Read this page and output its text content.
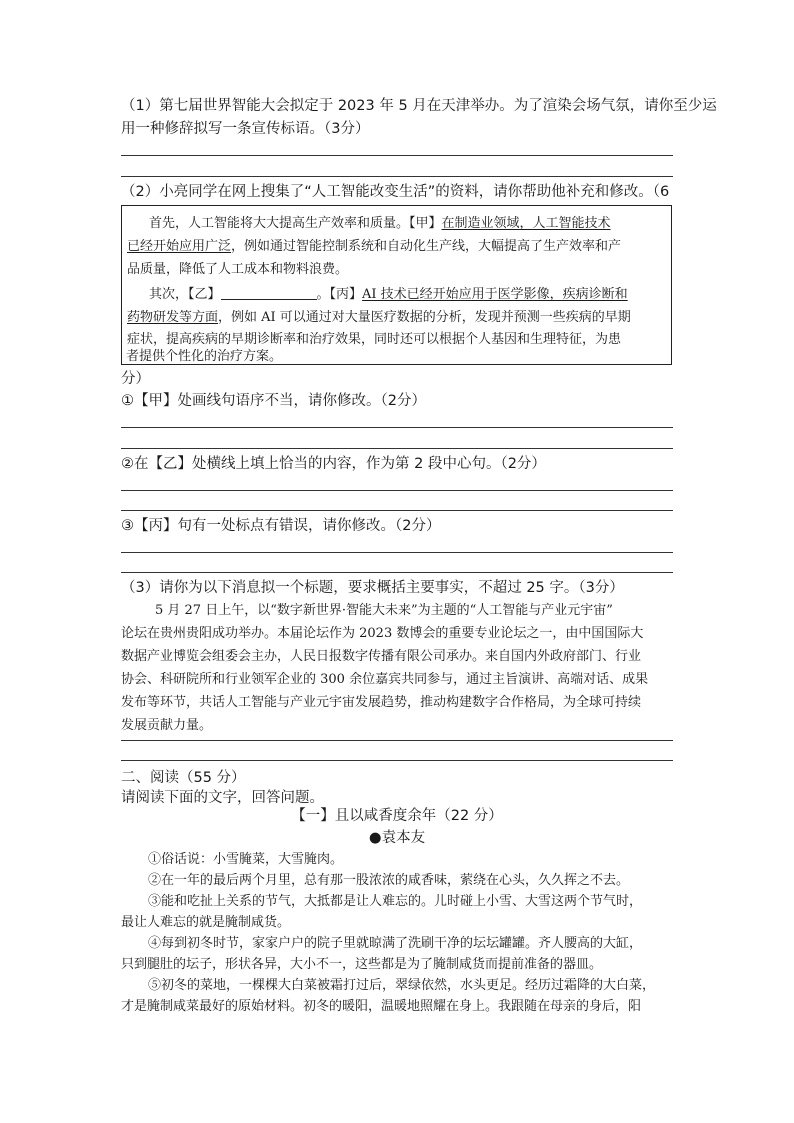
（1）第七届世界智能大会拟定于 2023 年 5 月在天津举办。为了渲染会场气氛，请你至少运
用一种修辞拟写一条宣传标语。（3分）
（2）小亮同学在网上搜集了“人工智能改变生活”的资料，请你帮助他补充和修改。（6
首先，人工智能将大大提高生产效率和质量。【甲】在制造业领域，人工智能技术
已经开始应用广泛，例如通过智能控制系统和自动化生产线，大幅提高了生产效率和产
品质量，降低了人工成本和物料浪费。
其次，【乙】	。【丙】AI 技术已经开始应用于医学影像，疾病诊断和
药物研发等方面，例如 AI 可以通过对大量医疗数据的分析，发现并预测一些疾病的早期
症状，提高疾病的早期诊断率和治疗效果，同时还可以根据个人基因和生理特征，为患
者提供个性化的治疗方案。
分）
①【甲】处画线句语序不当，请你修改。（2分）
②在【乙】处横线上填上恰当的内容，作为第 2 段中心句。（2分）
③【丙】句有一处标点有错误，请你修改。（2分）
（3）请你为以下消息拟一个标题，要求概括主要事实，不超过 25 字。（3分）
5 月 27 日上午，以“数字新世界·智能大未来”为主题的“人工智能与产业元宇宙”
论坛在贵州贵阳成功举办。本届论坛作为 2023 数博会的重要专业论坛之一，由中国国际大
数据产业博览会组委会主办，人民日报数字传播有限公司承办。来自国内外政府部门、行业
协会、科研院所和行业领军企业的 300 余位嘉宾共同参与，通过主旨演讲、高端对话、成果
发布等环节，共话人工智能与产业元宇宙发展趋势，推动构建数字合作格局，为全球可持续
发展贡献力量。
二、阅读（55 分）
请阅读下面的文字，回答问题。
【一】且以咸香度余年（22 分）
●袁本友
①俗话说：小雪腌菜，大雪腌肉。
②在一年的最后两个月里，总有那一股浓浓的咸香味，萦绕在心头，久久挥之不去。
③能和吃扯上关系的节气，大抵都是让人难忘的。儿时碰上小雪、大雪这两个节气时，
最让人难忘的就是腌制咸货。
④每到初冬时节，家家户户的院子里就晾满了洗刷干净的坛坛罐罐。齐人腰高的大缸，
只到腿肚的坛子，形状各异，大小不一，这些都是为了腌制咸货而提前准备的器皿。
⑤初冬的菜地，一棵棵大白菜被霜打过后，翠绿依然，水头更足。经历过霜降的大白菜，
才是腌制咸菜最好的原始材料。初冬的暖阳，温暖地照耀在身上。我跟随在母亲的身后，阳
